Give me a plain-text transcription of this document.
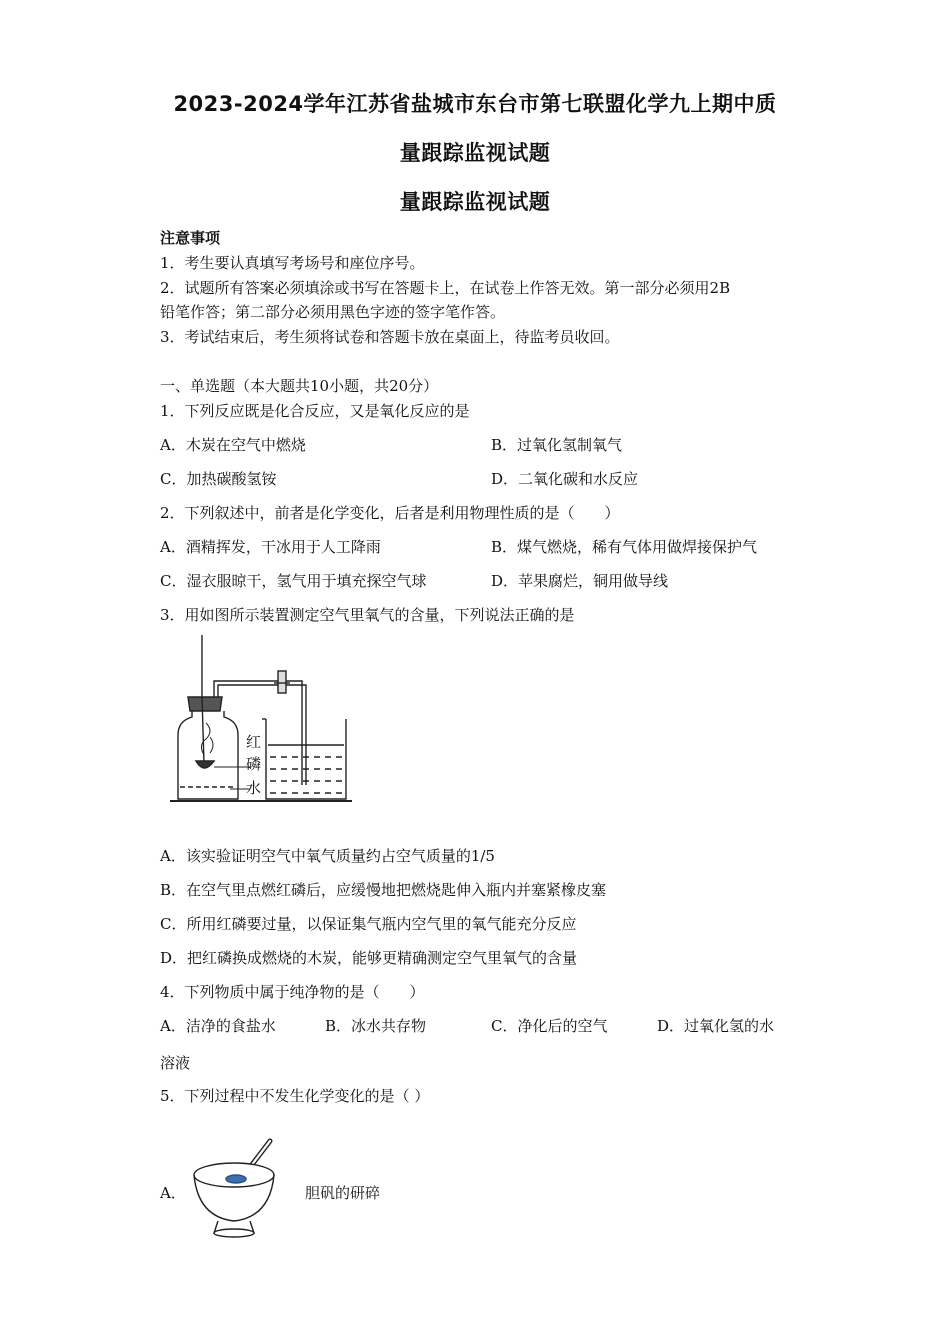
2023-2024学年江苏省盐城市东台市第七联盟化学九上期中质
量跟踪监视试题
量跟踪监视试题
注意事项
1．考生要认真填写考场号和座位序号。
2．试题所有答案必须填涂或书写在答题卡上，在试卷上作答无效。第一部分必须用2B
铅笔作答；第二部分必须用黑色字迹的签字笔作答。
3．考试结束后，考生须将试卷和答题卡放在桌面上，待监考员收回。
一、单选题（本大题共10小题，共20分）
1．下列反应既是化合反应，又是氧化反应的是
A．木炭在空气中燃烧	B．过氧化氢制氧气
C．加热碳酸氢铵	D．二氧化碳和水反应
2．下列叙述中，前者是化学变化，后者是利用物理性质的是（　　）
A．酒精挥发，干冰用于人工降雨	B．煤气燃烧，稀有气体用做焊接保护气
C．湿衣服晾干，氢气用于填充探空气球	D．苹果腐烂，铜用做导线
3．用如图所示装置测定空气里氧气的含量，下列说法正确的是
红
磷
水
A．该实验证明空气中氧气质量约占空气质量的1/5
B．在空气里点燃红磷后，应缓慢地把燃烧匙伸入瓶内并塞紧橡皮塞
C．所用红磷要过量，以保证集气瓶内空气里的氧气能充分反应
D．把红磷换成燃烧的木炭，能够更精确测定空气里氧气的含量
4．下列物质中属于纯净物的是（　　）
A．洁净的食盐水	B．冰水共存物	C．净化后的空气	D．过氧化氢的水
溶液
5．下列过程中不发生化学变化的是（ ）
A．	胆矾的研碎
